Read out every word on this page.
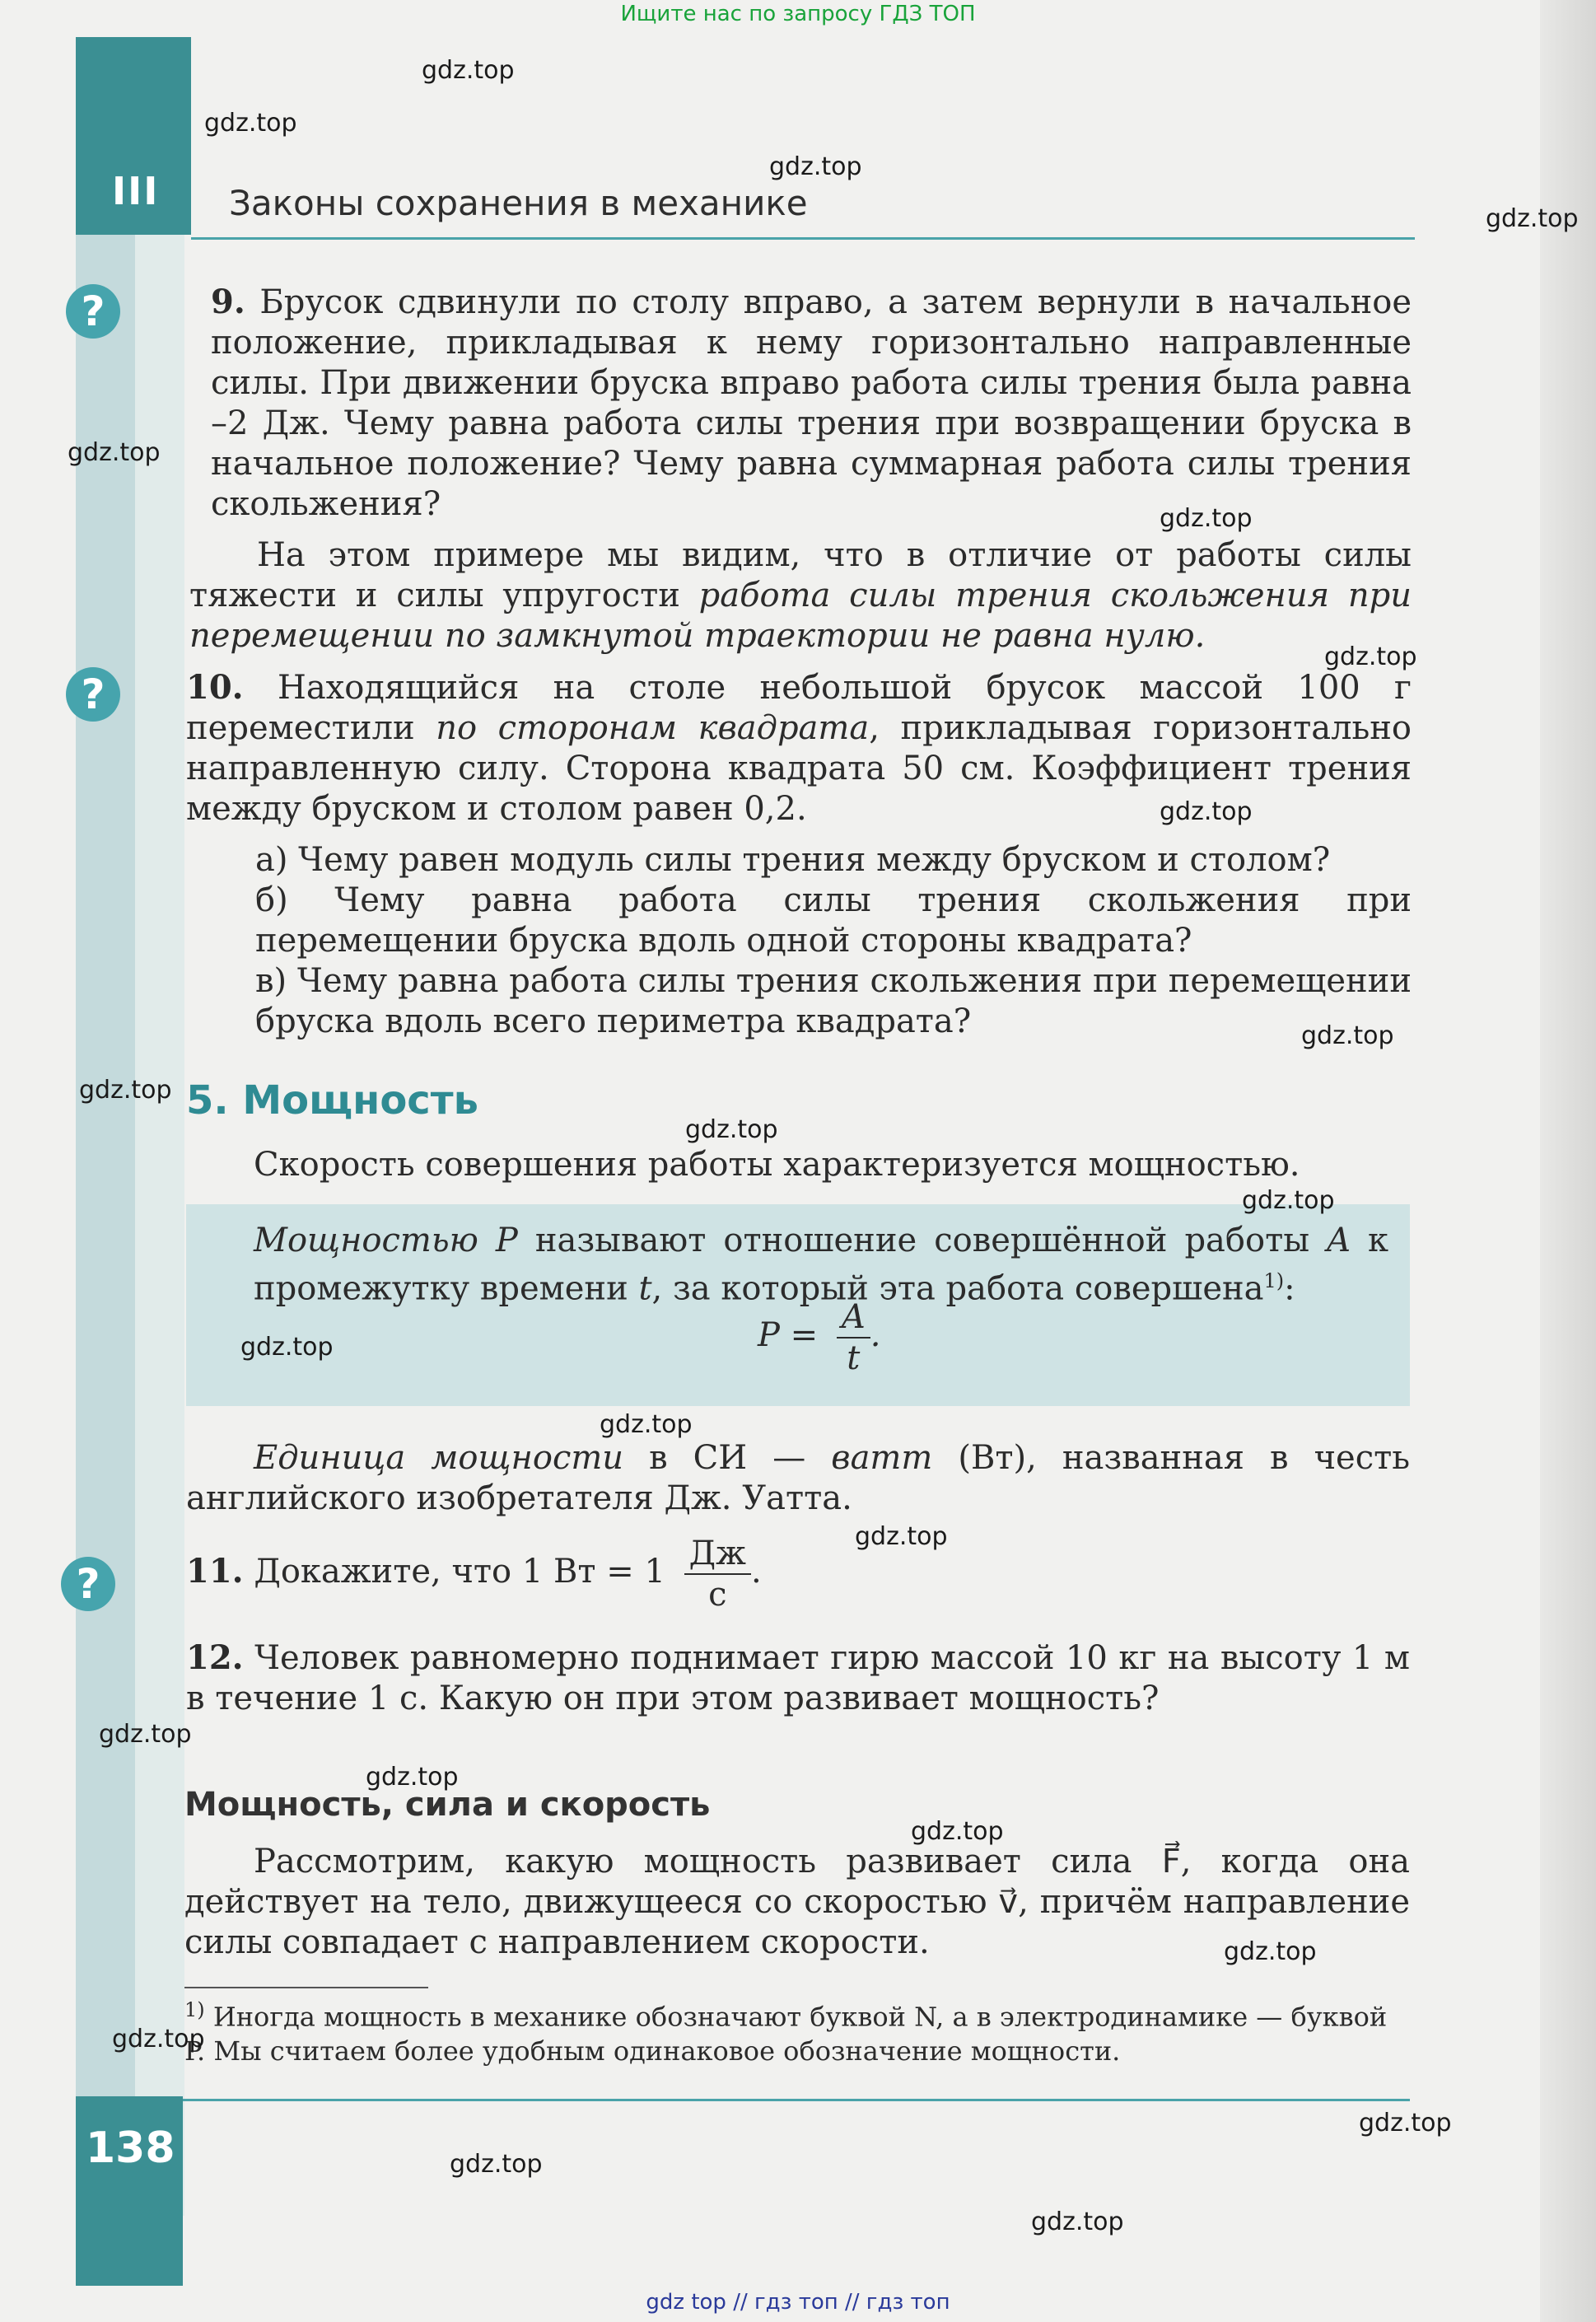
Ищите нас по запросу ГДЗ ТОП
III Законы сохранения в механике
?
?
?
9. Брусок сдвинули по столу вправо, а затем вернули в начальное положение, прикладывая к нему горизонтально направленные силы. При движении бруска вправо работа силы трения была равна –2 Дж. Чему равна работа силы трения при возвращении бруска в начальное положение? Чему равна суммарная работа силы трения скольжения?
На этом примере мы видим, что в отличие от работы силы тяжести и силы упругости работа силы трения скольжения при перемещении по замкнутой траектории не равна нулю.
10. Находящийся на столе небольшой брусок массой 100 г переместили по сторонам квадрата, прикладывая горизонтально направленную силу. Сторона квадрата 50 см. Коэффициент трения между бруском и столом равен 0,2.
а) Чему равен модуль силы трения между бруском и столом?
б) Чему равна работа силы трения скольжения при перемещении бруска вдоль одной стороны квадрата?
в) Чему равна работа силы трения скольжения при перемещении бруска вдоль всего периметра квадрата?
5. Мощность
Скорость совершения работы характеризуется мощностью.
Мощностью P называют отношение совершённой работы A к промежутку времени t, за который эта работа совершена$^{1)}$:
$P = \frac{A}{t}$ .
Единица мощности в СИ — ватт (Вт), названная в честь английского изобретателя Дж. Уатта.
11. Докажите, что 1 Вт = $1 \frac{Дж}{с}$ .
12. Человек равномерно поднимает гирю массой 10 кг на высоту 1 м в течение 1 с. Какую он при этом развивает мощность?
Мощность, сила и скорость
Рассмотрим, какую мощность развивает сила F⃗, когда она действует на тело, движущееся со скоростью v⃗, причём направление силы совпадает с направлением скорости.
$^{1)}$ Иногда мощность в механике обозначают буквой N, а в электродинамике — буквой P. Мы считаем более удобным одинаковое обозначение мощности.
138
gdz.top
gdz.top
gdz.top
gdz.top
gdz.top
gdz.top
gdz.top
gdz.top
gdz.top
gdz.top
gdz.top
gdz.top
gdz.top
gdz.top
gdz.top
gdz.top
gdz.top
gdz.top
gdz.top
gdz.top
gdz.top
gdz.top
gdz.top
gdz top // гдз топ // гдз топ
